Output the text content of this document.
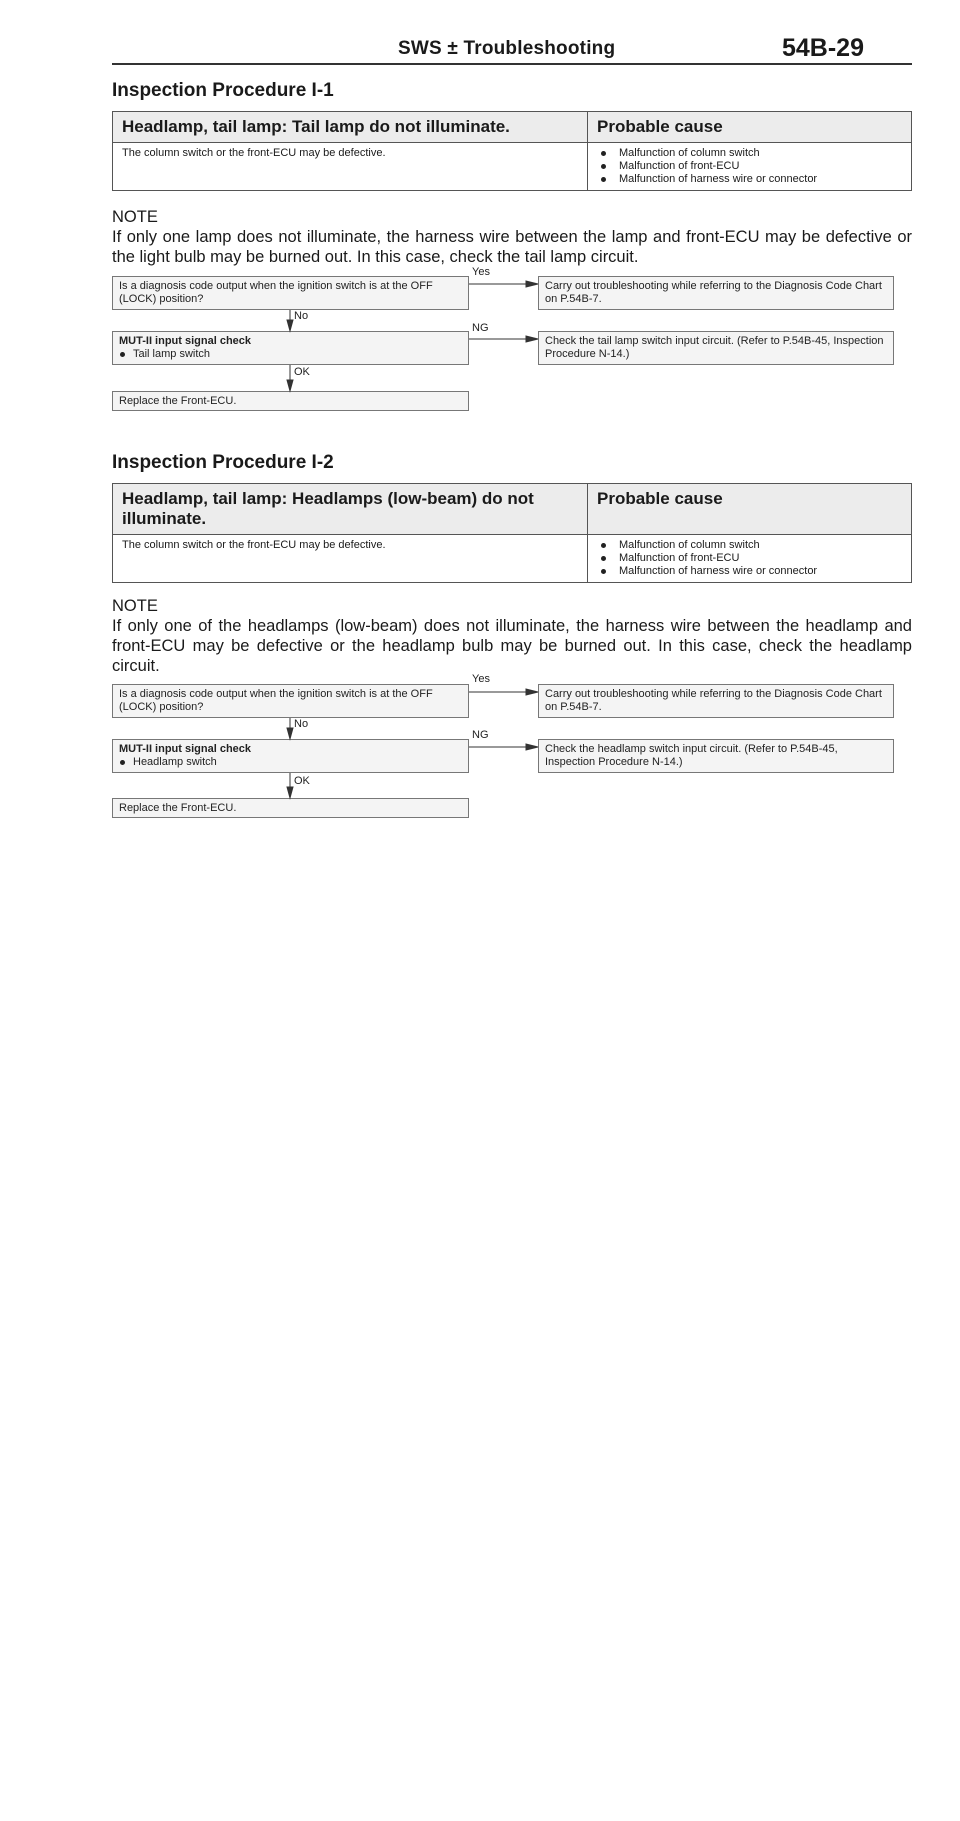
SWS ± Troubleshooting	54B-29
Inspection Procedure I-1
Headlamp, tail lamp: Tail lamp do not illuminate.	Probable cause
The column switch or the front-ECU may be defective.	Malfunction of column switch
Malfunction of front-ECU
Malfunction of harness wire or connector

NOTE

If only one lamp does not illuminate, the harness wire between the lamp and front-ECU may be defective or the light bulb may be burned out. In this case, check the tail lamp circuit.

Is a diagnosis code output when the ignition switch is at the OFF (LOCK) position?
Yes
Carry out troubleshooting while referring to the Diagnosis Code Chart on P.54B-7.
No
MUT-II input signal check
Tail lamp switch
NG
Check the tail lamp switch input circuit. (Refer to P.54B-45, Inspection Procedure N-14.)
OK
Replace the Front-ECU.
Inspection Procedure I-2
Headlamp, tail lamp: Headlamps (low-beam) do not illuminate.
Probable cause
The column switch or the front-ECU may be defective.	Malfunction of column switch
Malfunction of front-ECU
Malfunction of harness wire or connector

NOTE

If only one of the headlamps (low-beam) does not illuminate, the harness wire between the headlamp and front-ECU may be defective or the headlamp bulb may be burned out. In this case, check the headlamp circuit.

Is a diagnosis code output when the ignition switch is at the OFF (LOCK) position?
Yes
Carry out troubleshooting while referring to the Diagnosis Code Chart on P.54B-7.
No
MUT-II input signal check
Headlamp switch
NG
Check the headlamp switch input circuit. (Refer to P.54B-45, Inspection Procedure N-14.)
OK
Replace the Front-ECU.
